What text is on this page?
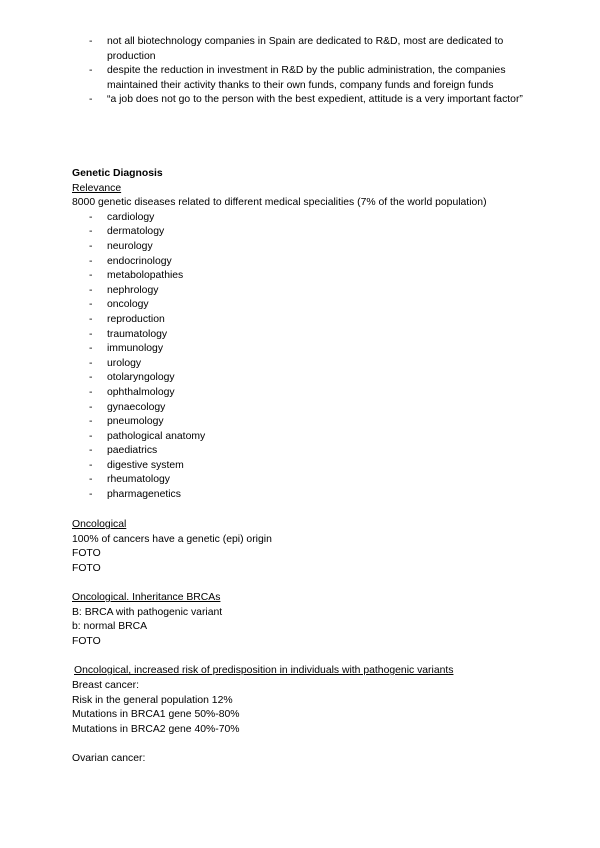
- not all biotechnology companies in Spain are dedicated to R&D, most are dedicated to production
- despite the reduction in investment in R&D by the public administration, the companies maintained their activity thanks to their own funds, company funds and foreign funds
- “a job does not go to the person with the best expedient, attitude is a very important factor”

Genetic Diagnosis

Relevance

8000 genetic diseases related to different medical specialities (7% of the world population)

- cardiology
- dermatology
- neurology
- endocrinology
- metabolopathies
- nephrology
- oncology
- reproduction
- traumatology
- immunology
- urology
- otolaryngology
- ophthalmology
- gynaecology
- pneumology
- pathological anatomy
- paediatrics
- digestive system
- rheumatology
- pharmagenetics

Oncological

100% of cancers have a genetic (epi) origin

FOTO

FOTO

Oncological. Inheritance BRCAs

B: BRCA with pathogenic variant

b: normal BRCA

FOTO

Oncological, increased risk of predisposition in individuals with pathogenic variants

Breast cancer:

Risk in the general population 12%

Mutations in BRCA1 gene 50%-80%

Mutations in BRCA2 gene 40%-70%

Ovarian cancer:
